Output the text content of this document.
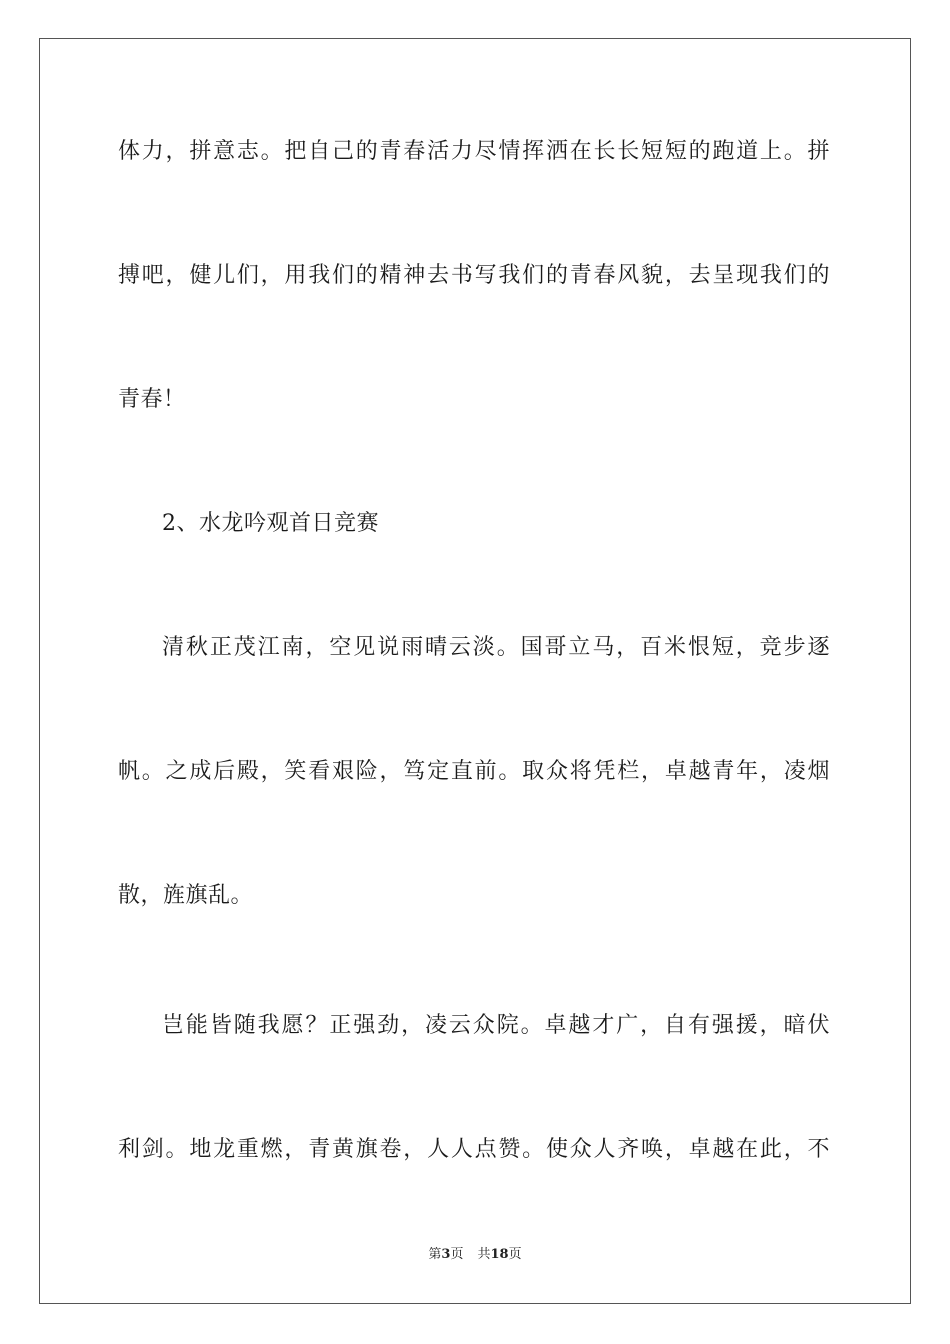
体力，拼意志。把自己的青春活力尽情挥洒在长长短短的跑道上。拼
搏吧，健儿们，用我们的精神去书写我们的青春风貌，去呈现我们的
青春！
2、水龙吟观首日竞赛
清秋正茂江南，空见说雨晴云淡。国哥立马，百米恨短，竞步逐
帆。之成后殿，笑看艰险，笃定直前。取众将凭栏，卓越青年，凌烟
散，旌旗乱。
岂能皆随我愿？正强劲，凌云众院。卓越才广，自有强援，暗伏
利剑。地龙重燃，青黄旗卷，人人点赞。使众人齐唤，卓越在此，不
第3页 共18页
